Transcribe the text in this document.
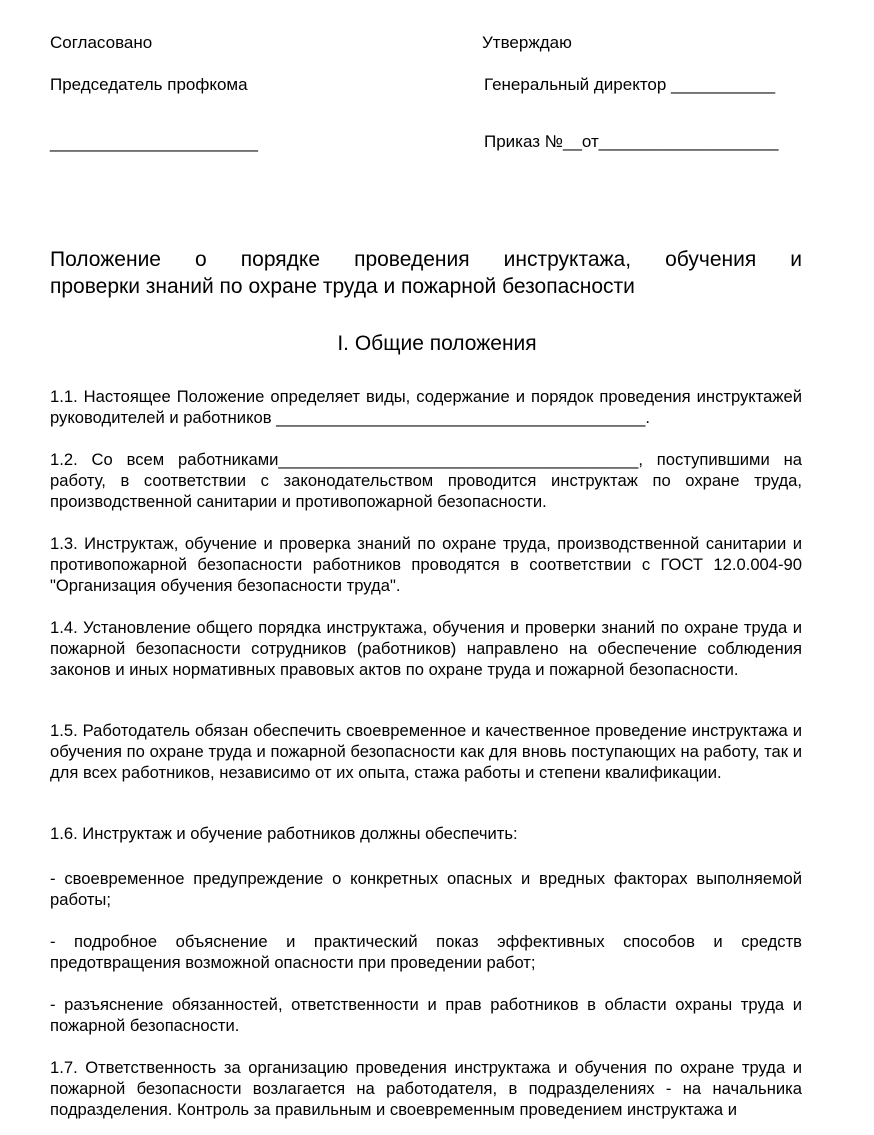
Согласовано
Председатель профкома
______________________
Утверждаю
Генеральный директор ___________
Приказ №__от___________________
Положение о порядке проведения инструктажа, обучения и
проверки знаний по охране труда и пожарной безопасности
I. Общие положения

1.1. Настоящее Положение определяет виды, содержание и порядок проведения инструктажей руководителей и работников ________________________________________.

1.2. Со всем работниками_______________________________________, поступившими на работу, в соответствии с законодательством проводится инструктаж по охране труда, производственной санитарии и противопожарной безопасности.

1.3. Инструктаж, обучение и проверка знаний по охране труда, производственной санитарии и противопожарной безопасности работников проводятся в соответствии с ГОСТ 12.0.004-90 "Организация обучения безопасности труда".

1.4. Установление общего порядка инструктажа, обучения и проверки знаний по охране труда и пожарной безопасности сотрудников (работников) направлено на обеспечение соблюдения законов и иных нормативных правовых актов по охране труда и пожарной безопасности.

1.5. Работодатель обязан обеспечить своевременное и качественное проведение инструктажа и обучения по охране труда и пожарной безопасности как для вновь поступающих на работу, так и для всех работников, независимо от их опыта, стажа работы и степени квалификации.

1.6. Инструктаж и обучение работников должны обеспечить:

- своевременное предупреждение о конкретных опасных и вредных факторах выполняемой работы;

- подробное объяснение и практический показ эффективных способов и средств предотвращения возможной опасности при проведении работ;

- разъяснение обязанностей, ответственности и прав работников в области охраны труда и пожарной безопасности.

1.7. Ответственность за организацию проведения инструктажа и обучения по охране труда и пожарной безопасности возлагается на работодателя, в подразделениях - на начальника подразделения. Контроль за правильным и своевременным проведением инструктажа и
